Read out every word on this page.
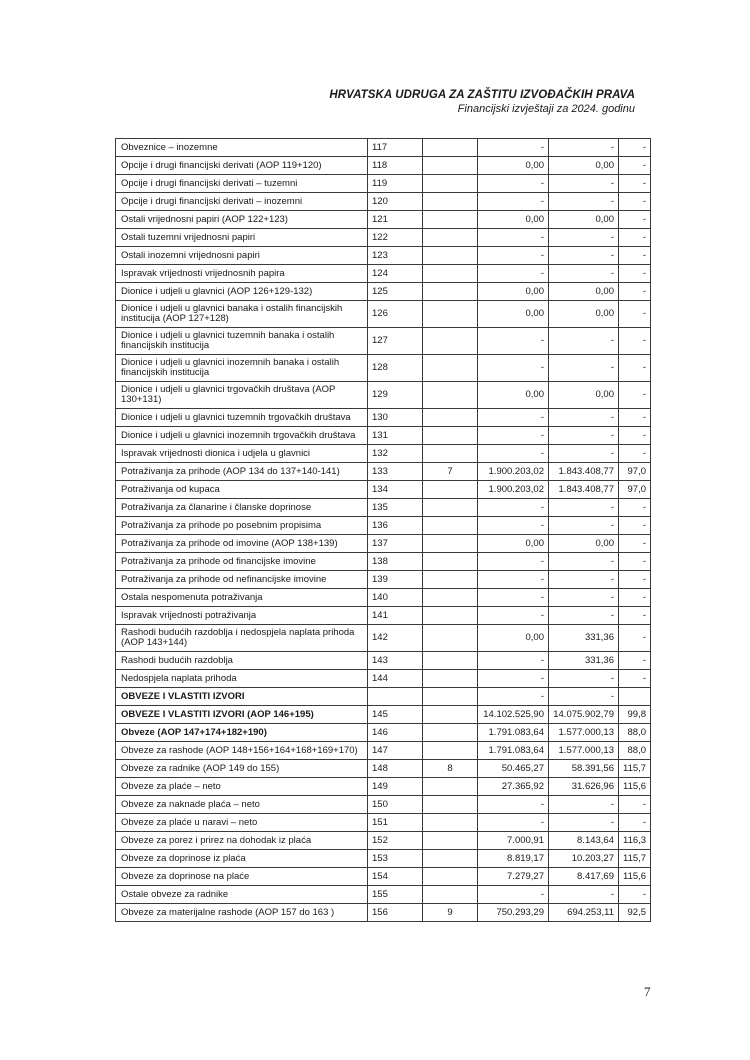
HRVATSKA UDRUGA ZA ZAŠTITU IZVOĐAČKIH PRAVA
Financijski izvještaji za 2024. godinu
Obveznice – inozemne	117		-	-	-
Opcije i drugi financijski derivati (AOP 119+120)	118		0,00	0,00	-
Opcije i drugi financijski derivati – tuzemni	119		-	-	-
Opcije i drugi financijski derivati – inozemni	120		-	-	-
Ostali vrijednosni papiri (AOP 122+123)	121		0,00	0,00	-
Ostali tuzemni vrijednosni papiri	122		-	-	-
Ostali inozemni vrijednosni papiri	123		-	-	-
Ispravak vrijednosti vrijednosnih papira	124		-	-	-
Dionice i udjeli u glavnici (AOP 126+129-132)	125		0,00	0,00	-
Dionice i udjeli u glavnici banaka i ostalih financijskih institucija (AOP 127+128)	126		0,00	0,00	-
Dionice i udjeli u glavnici tuzemnih banaka i ostalih financijskih institucija	127		-	-	-
Dionice i udjeli u glavnici inozemnih banaka i ostalih financijskih institucija	128		-	-	-
Dionice i udjeli u glavnici trgovačkih društava (AOP 130+131)	129		0,00	0,00	-
Dionice i udjeli u glavnici tuzemnih trgovačkih društava	130		-	-	-
Dionice i udjeli u glavnici inozemnih trgovačkih društava	131		-	-	-
Ispravak vrijednosti dionica i udjela u glavnici	132		-	-	-
Potraživanja za prihode (AOP 134 do 137+140-141)	133	7	1.900.203,02	1.843.408,77	97,0
Potraživanja od kupaca	134		1.900.203,02	1.843.408,77	97,0
Potraživanja za članarine i članske doprinose	135		-	-	-
Potraživanja za prihode po posebnim propisima	136		-	-	-
Potraživanja za prihode od imovine (AOP 138+139)	137		0,00	0,00	-
Potraživanja za prihode od financijske imovine	138		-	-	-
Potraživanja za prihode od nefinancijske imovine	139		-	-	-
Ostala nespomenuta potraživanja	140		-	-	-
Ispravak vrijednosti potraživanja	141		-	-	-
Rashodi budućih razdoblja i nedospjela naplata prihoda (AOP 143+144)	142		0,00	331,36	-
Rashodi budućih razdoblja	143		-	331,36	-
Nedospjela naplata prihoda	144		-	-	-
OBVEZE I VLASTITI IZVORI			-	-	
OBVEZE I VLASTITI IZVORI (AOP 146+195)	145		14.102.525,90	14.075.902,79	99,8
Obveze (AOP 147+174+182+190)	146		1.791.083,64	1.577.000,13	88,0
Obveze za rashode (AOP 148+156+164+168+169+170)	147		1.791.083,64	1.577.000,13	88,0
Obveze za radnike (AOP 149 do 155)	148	8	50.465,27	58.391,56	115,7
Obveze za plaće – neto	149		27.365,92	31.626,96	115,6
Obveze za naknade plaća – neto	150		-	-	-
Obveze za plaće u naravi – neto	151		-	-	-
Obveze za porez i prirez na dohodak iz plaća	152		7.000,91	8.143,64	116,3
Obveze za doprinose iz plaća	153		8.819,17	10.203,27	115,7
Obveze za doprinose na plaće	154		7.279,27	8.417,69	115,6
Ostale obveze za radnike	155		-	-	-
Obveze za materijalne rashode (AOP 157 do 163 )	156	9	750.293,29	694.253,11	92,5
7
